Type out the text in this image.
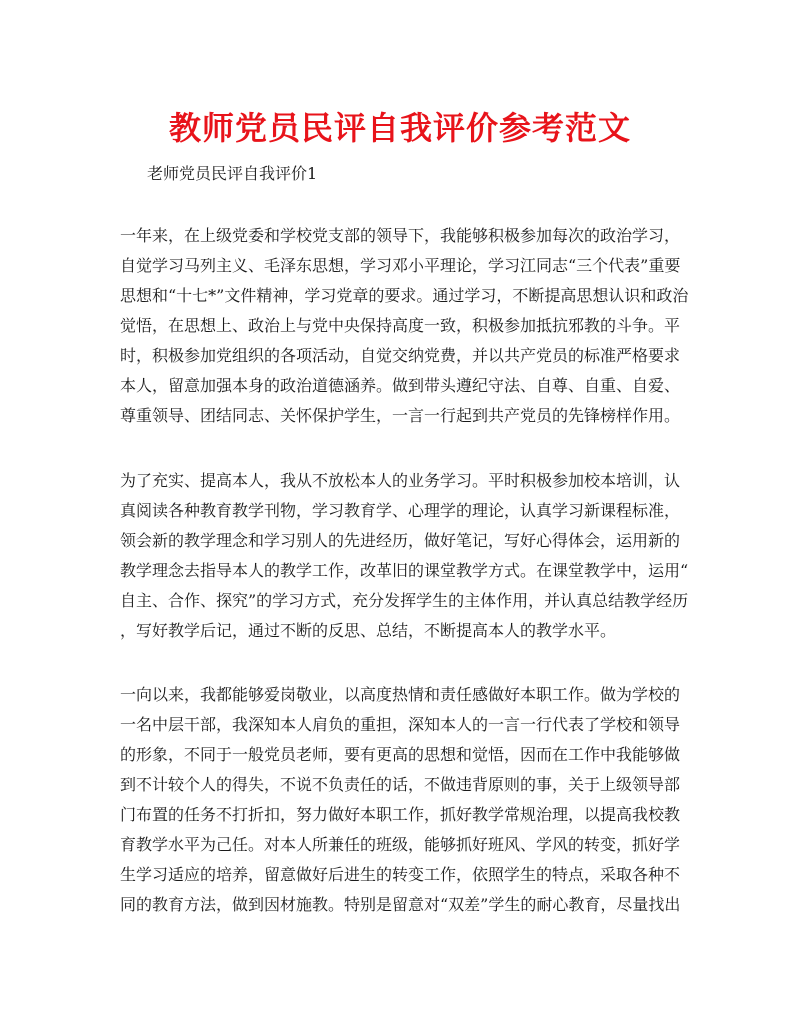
教师党员民评自我评价参考范文

老师党员民评自我评价1

一年来，在上级党委和学校党支部的领导下，我能够积极参加每次的政治学习，
自觉学习马列主义、毛泽东思想，学习邓小平理论，学习江同志“三个代表”重要
思想和“十七*”文件精神，学习党章的要求。通过学习，不断提高思想认识和政治
觉悟，在思想上、政治上与党中央保持高度一致，积极参加抵抗邪教的斗争。平
时，积极参加党组织的各项活动，自觉交纳党费，并以共产党员的标准严格要求
本人，留意加强本身的政治道德涵养。做到带头遵纪守法、自尊、自重、自爱、
尊重领导、团结同志、关怀保护学生，一言一行起到共产党员的先锋榜样作用。
为了充实、提高本人，我从不放松本人的业务学习。平时积极参加校本培训，认
真阅读各种教育教学刊物，学习教育学、心理学的理论，认真学习新课程标准，
领会新的教学理念和学习别人的先进经历，做好笔记，写好心得体会，运用新的
教学理念去指导本人的教学工作，改革旧的课堂教学方式。在课堂教学中，运用“
自主、合作、探究”的学习方式，充分发挥学生的主体作用，并认真总结教学经历
，写好教学后记，通过不断的反思、总结，不断提高本人的教学水平。
一向以来，我都能够爱岗敬业，以高度热情和责任感做好本职工作。做为学校的
一名中层干部，我深知本人肩负的重担，深知本人的一言一行代表了学校和领导
的形象，不同于一般党员老师，要有更高的思想和觉悟，因而在工作中我能够做
到不计较个人的得失，不说不负责任的话，不做违背原则的事，关于上级领导部
门布置的任务不打折扣，努力做好本职工作，抓好教学常规治理，以提高我校教
育教学水平为己任。对本人所兼任的班级，能够抓好班风、学风的转变，抓好学
生学习适应的培养，留意做好后进生的转变工作，依照学生的特点，采取各种不
同的教育方法，做到因材施教。特别是留意对“双差”学生的耐心教育，尽量找出
